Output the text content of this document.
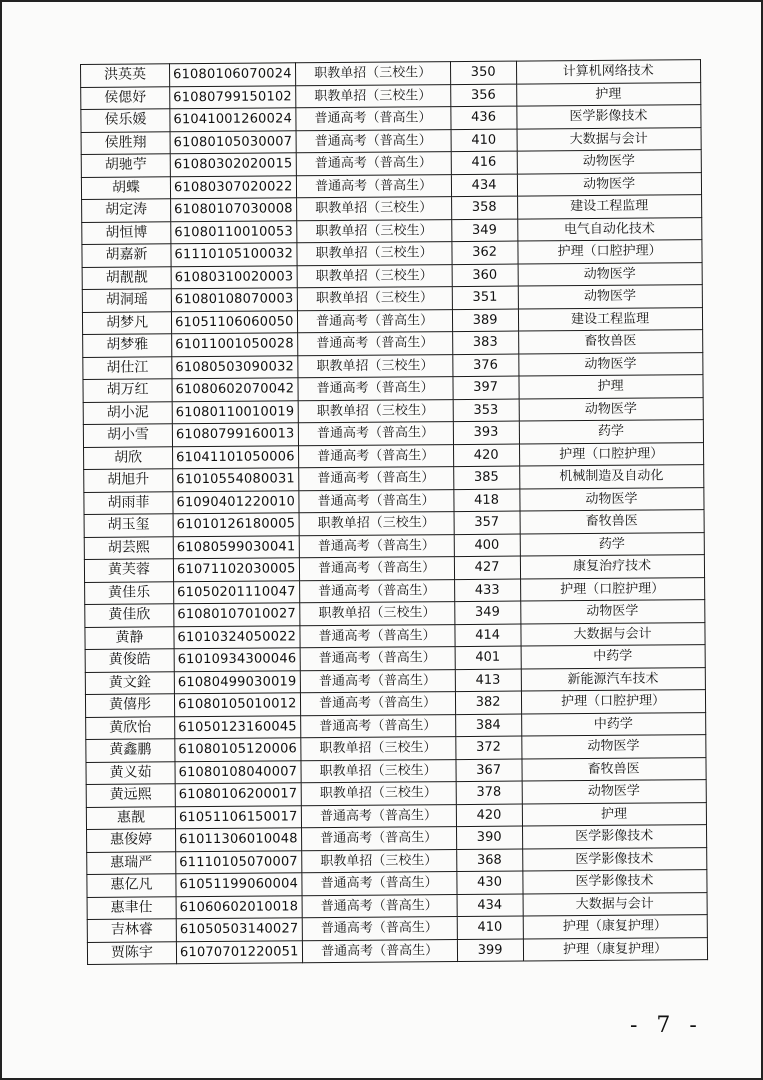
洪英英	61080106070024	职教单招（三校生）	350	计算机网络技术
侯偲妤	61080799150102	职教单招（三校生）	356	护理
侯乐媛	61041001260024	普通高考（普高生）	436	医学影像技术
侯胜翔	61080105030007	普通高考（普高生）	410	大数据与会计
胡驰苧	61080302020015	普通高考（普高生）	416	动物医学
胡蝶	61080307020022	普通高考（普高生）	434	动物医学
胡定涛	61080107030008	职教单招（三校生）	358	建设工程监理
胡恒博	61080110010053	职教单招（三校生）	349	电气自动化技术
胡嘉新	61110105100032	职教单招（三校生）	362	护理（口腔护理）
胡靓靓	61080310020003	职教单招（三校生）	360	动物医学
胡洞瑶	61080108070003	职教单招（三校生）	351	动物医学
胡梦凡	61051106060050	普通高考（普高生）	389	建设工程监理
胡梦雅	61011001050028	普通高考（普高生）	383	畜牧兽医
胡仕江	61080503090032	职教单招（三校生）	376	动物医学
胡万红	61080602070042	普通高考（普高生）	397	护理
胡小泥	61080110010019	职教单招（三校生）	353	动物医学
胡小雪	61080799160013	普通高考（普高生）	393	药学
胡欣	61041101050006	普通高考（普高生）	420	护理（口腔护理）
胡旭升	61010554080031	普通高考（普高生）	385	机械制造及自动化
胡雨菲	61090401220010	普通高考（普高生）	418	动物医学
胡玉玺	61010126180005	职教单招（三校生）	357	畜牧兽医
胡芸熙	61080599030041	普通高考（普高生）	400	药学
黄芙蓉	61071102030005	普通高考（普高生）	427	康复治疗技术
黄佳乐	61050201110047	普通高考（普高生）	433	护理（口腔护理）
黄佳欣	61080107010027	职教单招（三校生）	349	动物医学
黄静	61010324050022	普通高考（普高生）	414	大数据与会计
黄俊皓	61010934300046	普通高考（普高生）	401	中药学
黄文銓	61080499030019	普通高考（普高生）	413	新能源汽车技术
黄僖彤	61080105010012	普通高考（普高生）	382	护理（口腔护理）
黄欣怡	61050123160045	普通高考（普高生）	384	中药学
黄鑫鹏	61080105120006	职教单招（三校生）	372	动物医学
黄义茹	61080108040007	职教单招（三校生）	367	畜牧兽医
黄远熙	61080106200017	职教单招（三校生）	378	动物医学
惠靓	61051106150017	普通高考（普高生）	420	护理
惠俊婷	61011306010048	普通高考（普高生）	390	医学影像技术
惠瑞严	61110105070007	职教单招（三校生）	368	医学影像技术
惠亿凡	61051199060004	普通高考（普高生）	430	医学影像技术
惠聿仕	61060602010018	普通高考（普高生）	434	大数据与会计
吉林睿	61050503140027	普通高考（普高生）	410	护理（康复护理）
贾陈宇	61070701220051	普通高考（普高生）	399	护理（康复护理）
- 7 -
